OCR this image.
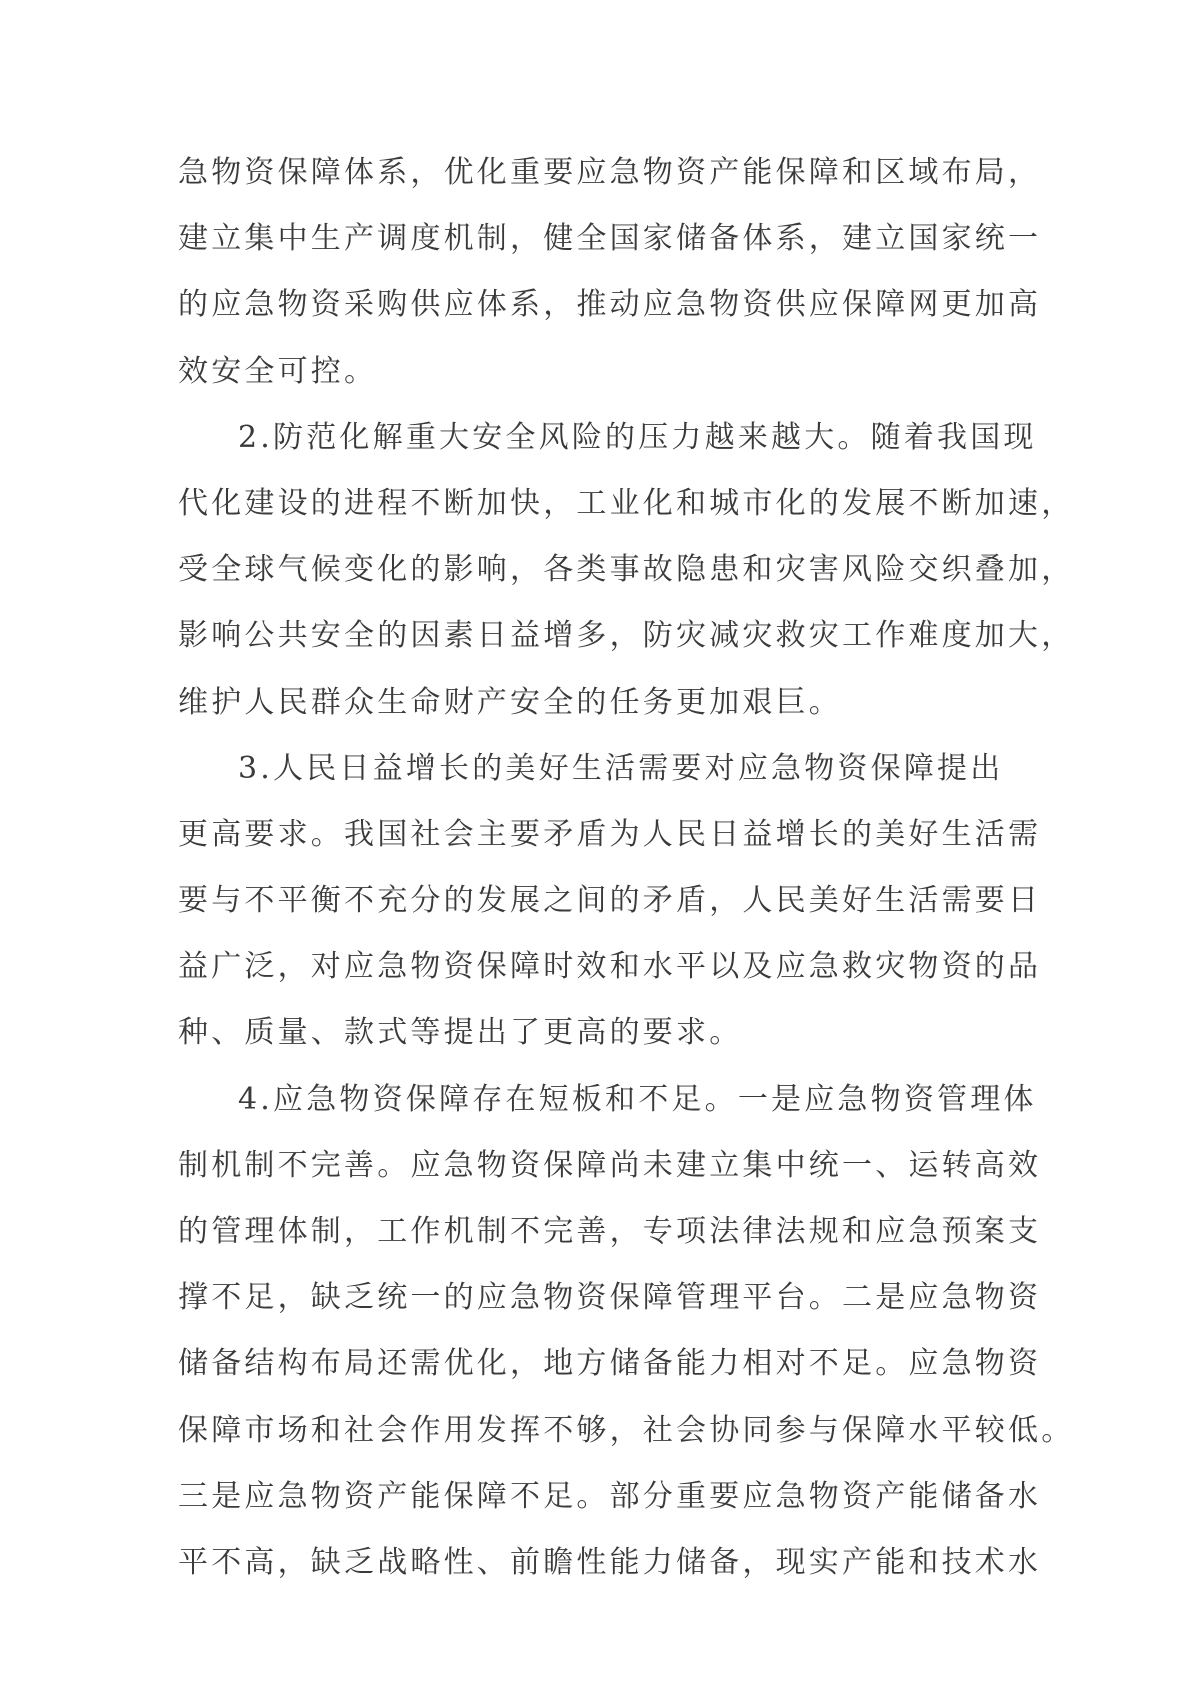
急物资保障体系，优化重要应急物资产能保障和区域布局，
建立集中生产调度机制，健全国家储备体系，建立国家统一
的应急物资采购供应体系，推动应急物资供应保障网更加高
效安全可控。
2.防范化解重大安全风险的压力越来越大。随着我国现
代化建设的进程不断加快，工业化和城市化的发展不断加速，
受全球气候变化的影响，各类事故隐患和灾害风险交织叠加，
影响公共安全的因素日益增多，防灾减灾救灾工作难度加大，
维护人民群众生命财产安全的任务更加艰巨。
3.人民日益增长的美好生活需要对应急物资保障提出
更高要求。我国社会主要矛盾为人民日益增长的美好生活需
要与不平衡不充分的发展之间的矛盾，人民美好生活需要日
益广泛，对应急物资保障时效和水平以及应急救灾物资的品
种、质量、款式等提出了更高的要求。
4.应急物资保障存在短板和不足。一是应急物资管理体
制机制不完善。应急物资保障尚未建立集中统一、运转高效
的管理体制，工作机制不完善，专项法律法规和应急预案支
撑不足，缺乏统一的应急物资保障管理平台。二是应急物资
储备结构布局还需优化，地方储备能力相对不足。应急物资
保障市场和社会作用发挥不够，社会协同参与保障水平较低。
三是应急物资产能保障不足。部分重要应急物资产能储备水
平不高，缺乏战略性、前瞻性能力储备，现实产能和技术水
